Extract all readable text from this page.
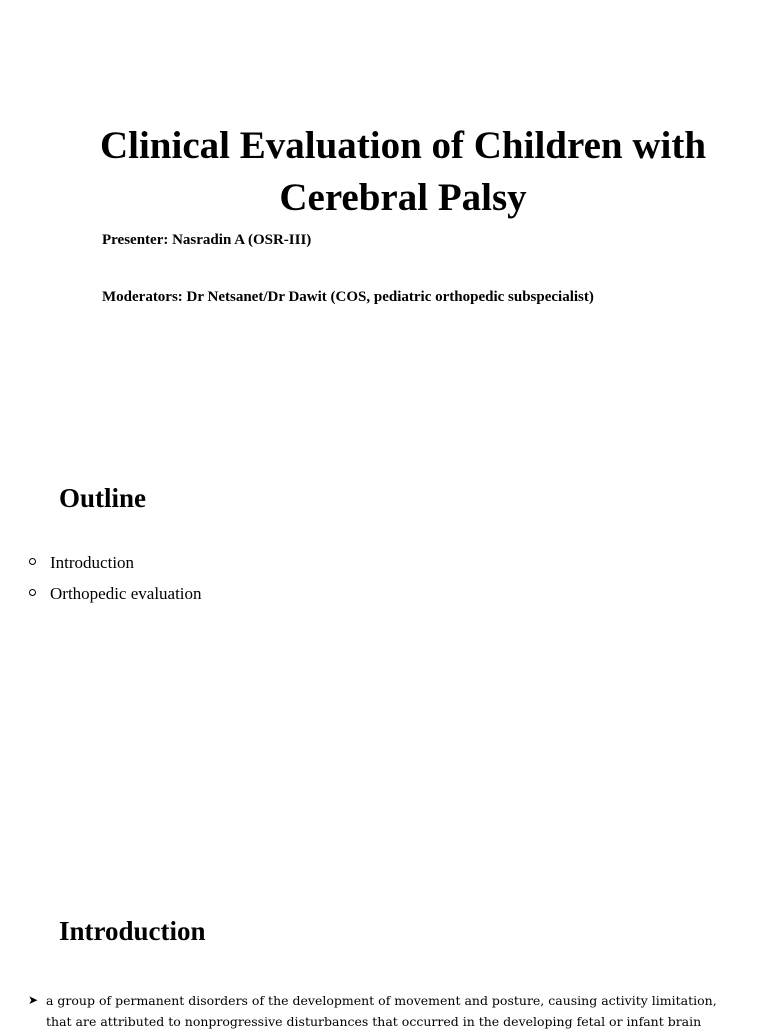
Clinical Evaluation of Children with
Cerebral Palsy

Presenter: Nasradin A (OSR-III)

Moderators: Dr Netsanet/Dr Dawit (COS, pediatric orthopedic subspecialist)

Outline
Introduction
Orthopedic evaluation
Introduction
➤ a group of permanent disorders of the development of movement and posture, causing activity limitation, that are attributed to nonprogressive disturbances that occurred in the developing fetal or infant brain
